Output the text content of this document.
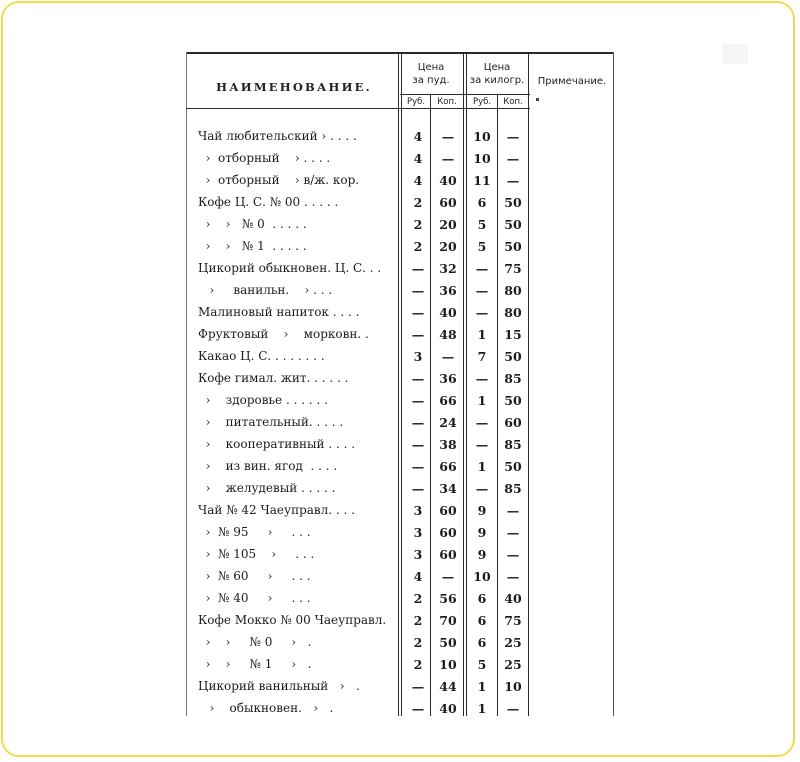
НАИМЕНОВАНИЕ.
Цена
за пуд.
Цена
за килогр.	Примечание.
Руб.	Коп.	Руб.	Коп.
Чай любительский › . . . .	4	—	10	—
›  отборный    › . . . .	4	—	10	—
›  отборный    › в/ж. кор.	4	40	11	—
Кофе Ц. С. № 00 . . . . .	2	60	6	50
›    ›   № 0  . . . . .	2	20	5	50
›    ›   № 1  . . . . .	2	20	5	50
Цикорий обыкновен. Ц. С. . .	—	32	—	75
›     ванильн.    › . . .	—	36	—	80
Малиновый напиток . . . .	—	40	—	80
Фруктовый    ›    морковн. .	—	48	1	15
Какао Ц. С. . . . . . . .	3	—	7	50
Кофе гимал. жит. . . . . .	—	36	—	85
›    здоровье . . . . . .	—	66	1	50
›    питательный. . . . .	—	24	—	60
›    кооперативный . . . .	—	38	—	85
›    из вин. ягод  . . . .	—	66	1	50
›    желудевый . . . . .	—	34	—	85
Чай № 42 Чаеуправл. . . .	3	60	9	—
›  № 95     ›     . . .	3	60	9	—
›  № 105    ›     . . .	3	60	9	—
›  № 60     ›     . . .	4	—	10	—
›  № 40     ›     . . .	2	56	6	40
Кофе Мокко № 00 Чаеуправл.	2	70	6	75
›    ›     № 0     ›   .	2	50	6	25
›    ›     № 1     ›   .	2	10	5	25
Цикорий ванильный   ›   .	—	44	1	10
›    обыкновен.   ›   .	—	40	1	—
